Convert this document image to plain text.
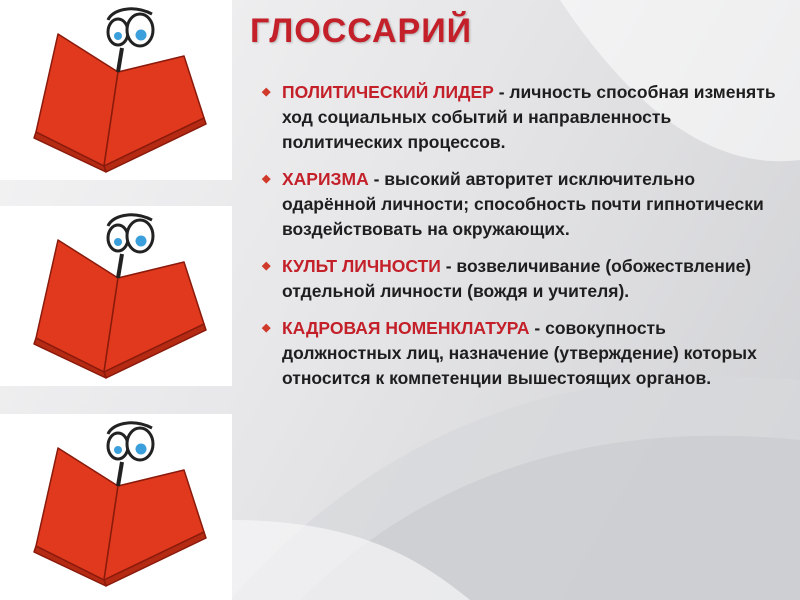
ГЛОССАРИЙ
◆ ПОЛИТИЧЕСКИЙ ЛИДЕР - личность способная изменять ход социальных событий и направленность политических процессов.
◆ ХАРИЗМА - высокий авторитет исключительно одарённой личности; способность почти гипнотически воздействовать на окружающих.
◆ КУЛЬТ ЛИЧНОСТИ - возвеличивание (обожествление) отдельной личности (вождя и учителя).
◆ КАДРОВАЯ НОМЕНКЛАТУРА - совокупность должностных лиц, назначение (утверждение) которых относится к компетенции вышестоящих органов.
